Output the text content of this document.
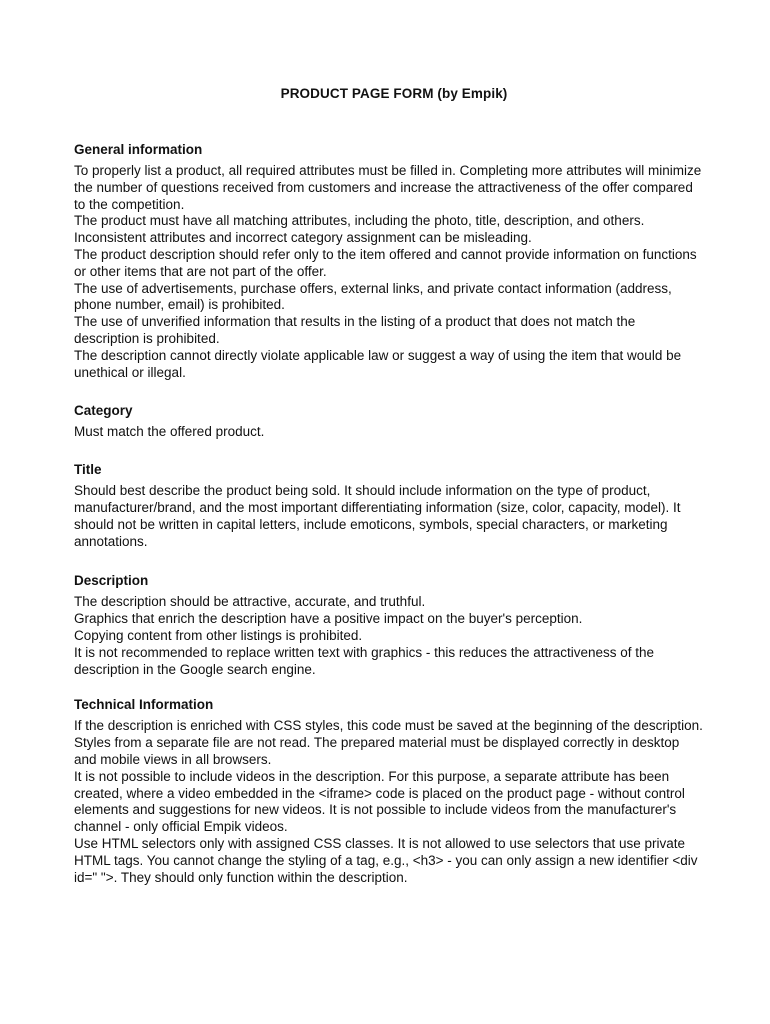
PRODUCT PAGE FORM (by Empik)
General information

To properly list a product, all required attributes must be filled in. Completing more attributes will minimize the number of questions received from customers and increase the attractiveness of the offer compared to the competition.

The product must have all matching attributes, including the photo, title, description, and others. Inconsistent attributes and incorrect category assignment can be misleading.

The product description should refer only to the item offered and cannot provide information on functions or other items that are not part of the offer.

The use of advertisements, purchase offers, external links, and private contact information (address, phone number, email) is prohibited.

The use of unverified information that results in the listing of a product that does not match the description is prohibited.

The description cannot directly violate applicable law or suggest a way of using the item that would be unethical or illegal.

Category

Must match the offered product.

Title

Should best describe the product being sold. It should include information on the type of product, manufacturer/brand, and the most important differentiating information (size, color, capacity, model). It should not be written in capital letters, include emoticons, symbols, special characters, or marketing annotations.

Description

The description should be attractive, accurate, and truthful.

Graphics that enrich the description have a positive impact on the buyer's perception.

Copying content from other listings is prohibited.

It is not recommended to replace written text with graphics - this reduces the attractiveness of the description in the Google search engine.

Technical Information

If the description is enriched with CSS styles, this code must be saved at the beginning of the description. Styles from a separate file are not read. The prepared material must be displayed correctly in desktop and mobile views in all browsers.

It is not possible to include videos in the description. For this purpose, a separate attribute has been created, where a video embedded in the <iframe> code is placed on the product page - without control elements and suggestions for new videos. It is not possible to include videos from the manufacturer's channel - only official Empik videos.

Use HTML selectors only with assigned CSS classes. It is not allowed to use selectors that use private HTML tags. You cannot change the styling of a tag, e.g., <h3> - you can only assign a new identifier <div id=" ">. They should only function within the description.
